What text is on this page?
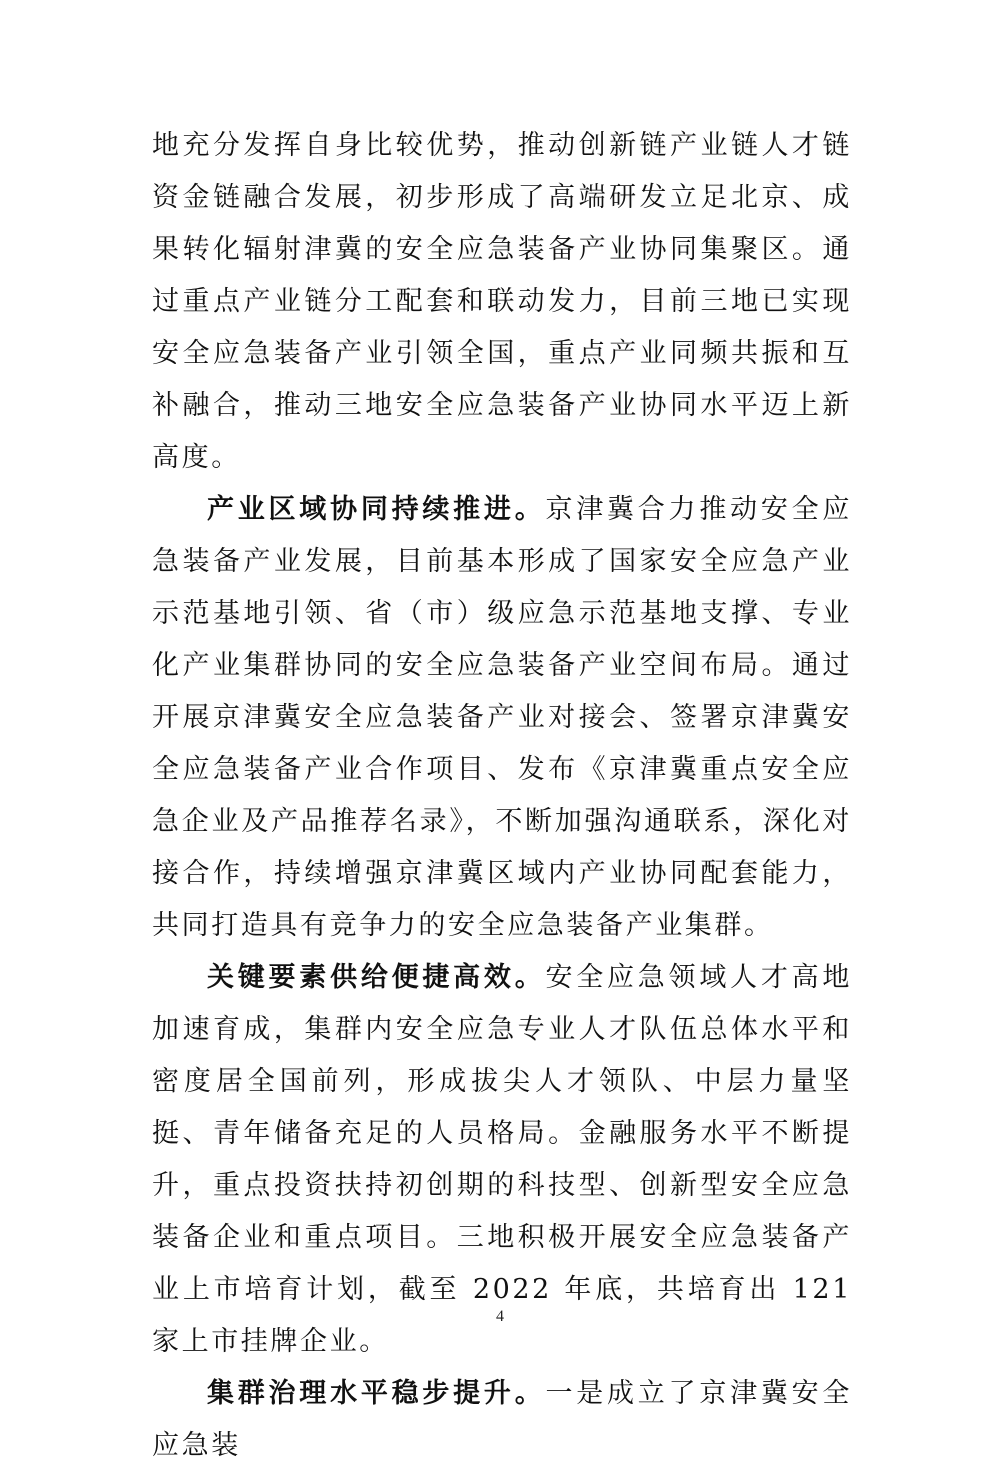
地充分发挥自身比较优势，推动创新链产业链人才链资金链融合发展，初步形成了高端研发立足北京、成果转化辐射津冀的安全应急装备产业协同集聚区。通过重点产业链分工配套和联动发力，目前三地已实现安全应急装备产业引领全国，重点产业同频共振和互补融合，推动三地安全应急装备产业协同水平迈上新高度。

产业区域协同持续推进。京津冀合力推动安全应急装备产业发展，目前基本形成了国家安全应急产业示范基地引领、省（市）级应急示范基地支撑、专业化产业集群协同的安全应急装备产业空间布局。通过开展京津冀安全应急装备产业对接会、签署京津冀安全应急装备产业合作项目、发布《京津冀重点安全应急企业及产品推荐名录》，不断加强沟通联系，深化对接合作，持续增强京津冀区域内产业协同配套能力，共同打造具有竞争力的安全应急装备产业集群。

关键要素供给便捷高效。安全应急领域人才高地加速育成，集群内安全应急专业人才队伍总体水平和密度居全国前列，形成拔尖人才领队、中层力量坚挺、青年储备充足的人员格局。金融服务水平不断提升，重点投资扶持初创期的科技型、创新型安全应急装备企业和重点项目。三地积极开展安全应急装备产业上市培育计划，截至 2022 年底，共培育出 121 家上市挂牌企业。

集群治理水平稳步提升。一是成立了京津冀安全应急装

4
